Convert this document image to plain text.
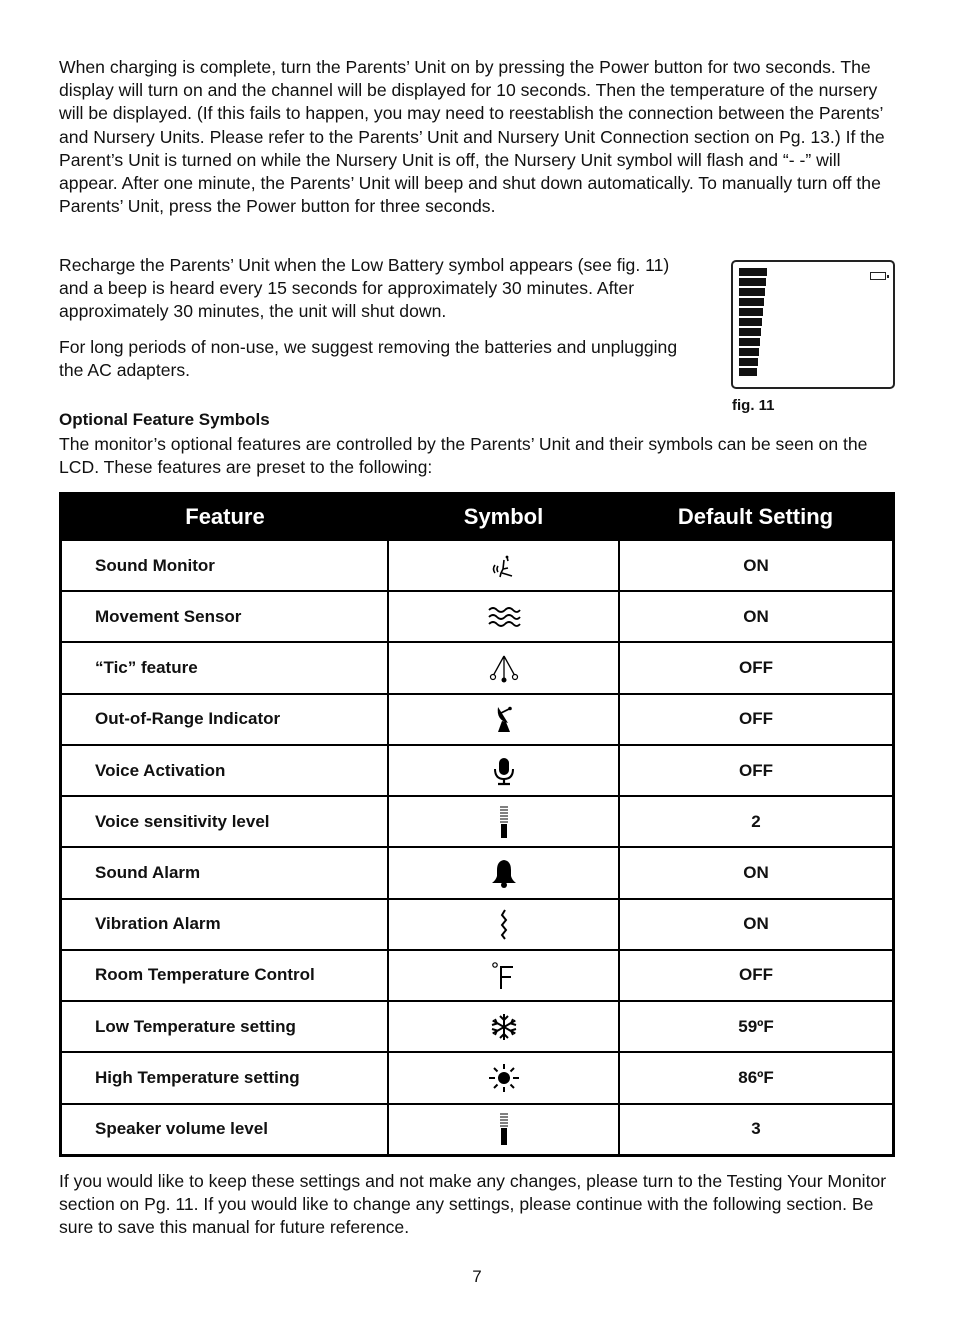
When charging is complete, turn the Parents’ Unit on by pressing the Power button for two seconds. The display will turn on and the channel will be displayed for 10 seconds. Then the temperature of the nursery will be displayed. (If this fails to happen, you may need to reestablish the connection between the Parents’ and Nursery Units. Please refer to the Parents’ Unit and Nursery Unit Connection section on Pg. 13.) If the Parent’s Unit is turned on while the Nursery Unit is off, the Nursery Unit symbol will flash and “- -” will appear. After one minute, the Parents’ Unit will beep and shut down automatically. To manually turn off the Parents’ Unit, press the Power button for three seconds.

Recharge the Parents’ Unit when the Low Battery symbol appears (see fig. 11) and a beep is heard every 15 seconds for approximately 30 minutes. After approximately 30 minutes, the unit will shut down.

For long periods of non-use, we suggest removing the batteries and unplugging the AC adapters.

fig. 11

Optional Feature Symbols

The monitor’s optional features are controlled by the Parents’ Unit and their symbols can be seen on the LCD. These features are preset to the following:

Feature	Symbol	Default Setting
Sound Monitor		ON
Movement Sensor		ON
“Tic” feature		OFF
Out-of-Range Indicator		OFF
Voice Activation		OFF
Voice sensitivity level		2
Sound Alarm		ON
Vibration Alarm		ON
Room Temperature Control		OFF
Low Temperature setting		59ºF
High Temperature setting		86ºF
Speaker volume level		3

If you would like to keep these settings and not make any changes, please turn to the Testing Your Monitor section on Pg. 11. If you would like to change any settings, please continue with the following section. Be sure to save this manual for future reference.

7
